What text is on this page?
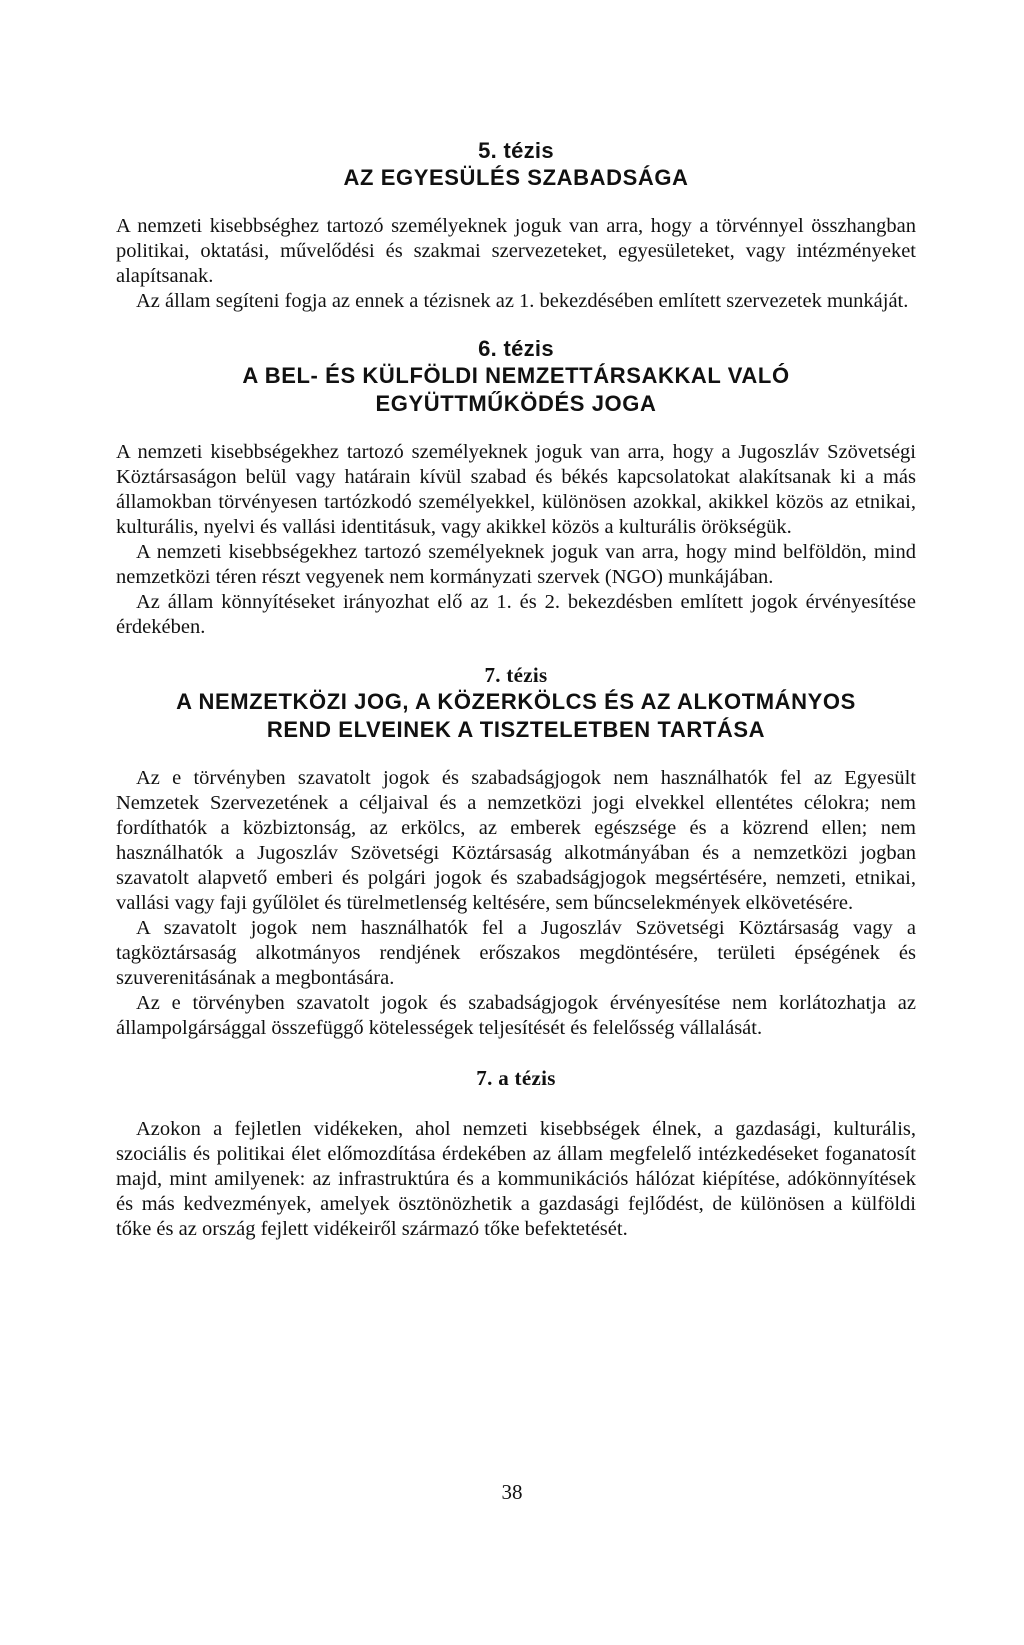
5. tézis
AZ EGYESÜLÉS SZABADSÁGA

A nemzeti kisebbséghez tartozó személyeknek joguk van arra, hogy a törvénnyel összhangban politikai, oktatási, művelődési és szakmai szervezeteket, egyesületeket, vagy intézményeket alapítsanak.

Az állam segíteni fogja az ennek a tézisnek az 1. bekezdésében említett szervezetek munkáját.

6. tézis
A BEL- ÉS KÜLFÖLDI NEMZETTÁRSAKKAL VALÓ
EGYÜTTMŰKÖDÉS JOGA

A nemzeti kisebbségekhez tartozó személyeknek joguk van arra, hogy a Jugoszláv Szövetségi Köztársaságon belül vagy határain kívül szabad és békés kapcsolatokat alakítsanak ki a más államokban törvényesen tartózkodó személyekkel, különösen azokkal, akikkel közös az etnikai, kulturális, nyelvi és vallási identitásuk, vagy akikkel közös a kulturális örökségük.

A nemzeti kisebbségekhez tartozó személyeknek joguk van arra, hogy mind belföldön, mind nemzetközi téren részt vegyenek nem kormányzati szervek (NGO) munkájában.

Az állam könnyítéseket irányozhat elő az 1. és 2. bekezdésben említett jogok érvényesítése érdekében.

7. tézis
A NEMZETKÖZI JOG, A KÖZERKÖLCS ÉS AZ ALKOTMÁNYOS
REND ELVEINEK A TISZTELETBEN TARTÁSA

Az e törvényben szavatolt jogok és szabadságjogok nem használhatók fel az Egyesült Nemzetek Szervezetének a céljaival és a nemzetközi jogi elvekkel ellentétes célokra; nem fordíthatók a közbiztonság, az erkölcs, az emberek egészsége és a közrend ellen; nem használhatók a Jugoszláv Szövetségi Köztársaság alkotmányában és a nemzetközi jogban szavatolt alapvető emberi és polgári jogok és szabadságjogok megsértésére, nemzeti, etnikai, vallási vagy faji gyűlölet és türelmetlenség keltésére, sem bűncselekmények elkövetésére.

A szavatolt jogok nem használhatók fel a Jugoszláv Szövetségi Köztársaság vagy a tagköztársaság alkotmányos rendjének erőszakos megdöntésére, területi épségének és szuverenitásának a megbontására.

Az e törvényben szavatolt jogok és szabadságjogok érvényesítése nem korlátozhatja az állampolgársággal összefüggő kötelességek teljesítését és felelősség vállalását.

7. a tézis

Azokon a fejletlen vidékeken, ahol nemzeti kisebbségek élnek, a gazdasági, kulturális, szociális és politikai élet előmozdítása érdekében az állam megfelelő intézkedéseket foganatosít majd, mint amilyenek: az infrastruktúra és a kommunikációs hálózat kiépítése, adókönnyítések és más kedvezmények, amelyek ösztönözhetik a gazdasági fejlődést, de különösen a külföldi tőke és az ország fejlett vidékeiről származó tőke befektetését.

38
